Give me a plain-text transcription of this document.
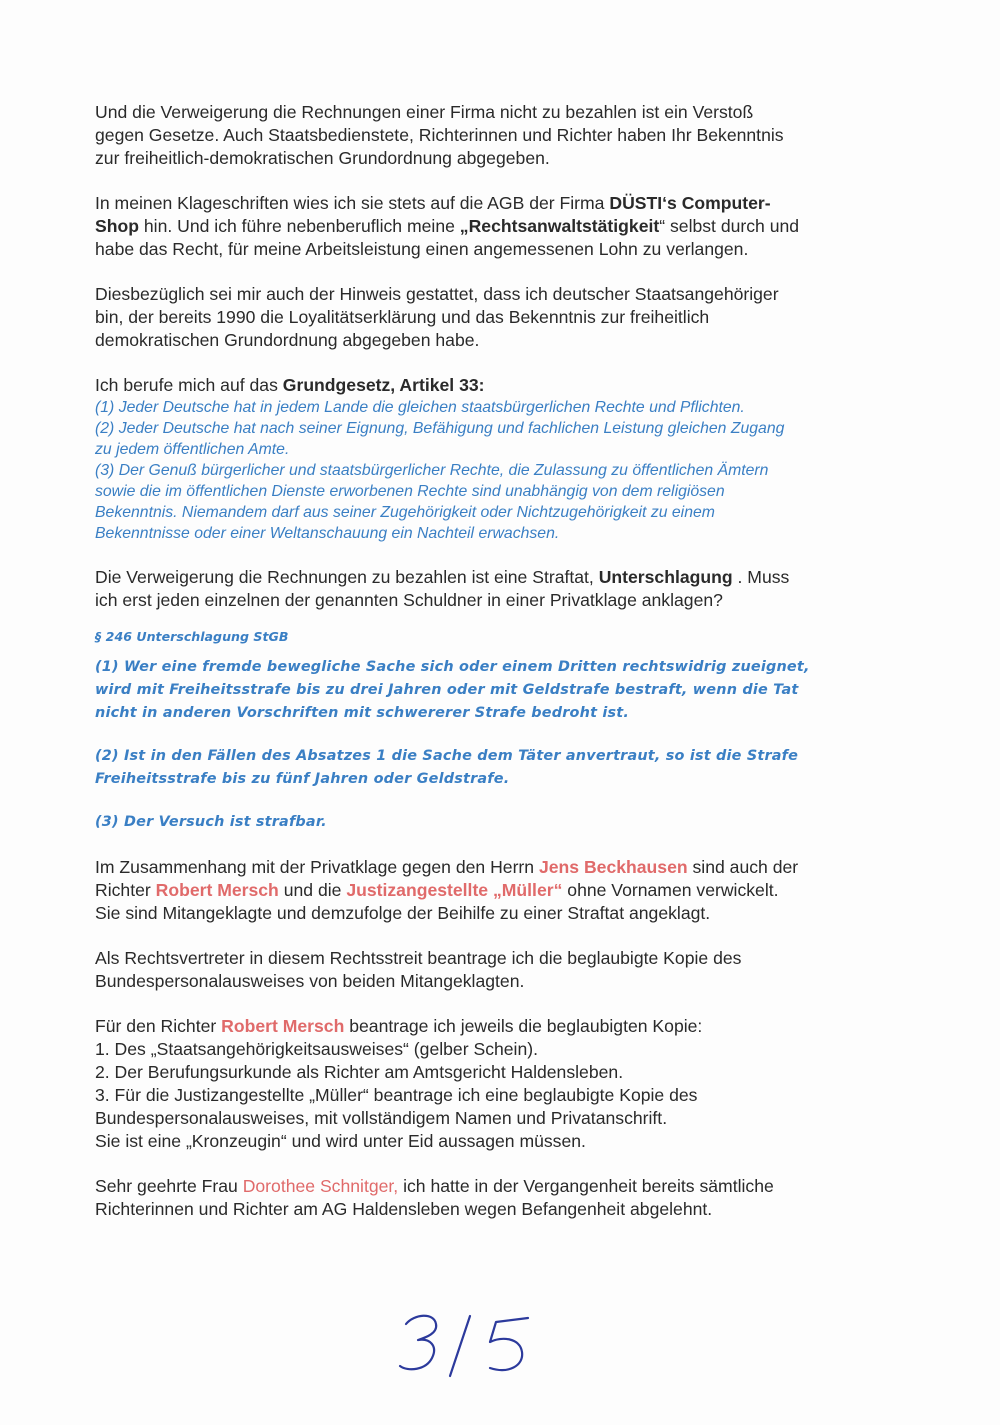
Und die Verweigerung die Rechnungen einer Firma nicht zu bezahlen ist ein Verstoß

gegen Gesetze. Auch Staatsbedienstete, Richterinnen und Richter haben Ihr Bekenntnis

zur freiheitlich-demokratischen Grundordnung abgegeben.

In meinen Klageschriften wies ich sie stets auf die AGB der Firma DÜSTI‘s Computer-

Shop hin. Und ich führe nebenberuflich meine „Rechtsanwaltstätigkeit“ selbst durch und

habe das Recht, für meine Arbeitsleistung einen angemessenen Lohn zu verlangen.

Diesbezüglich sei mir auch der Hinweis gestattet, dass ich deutscher Staatsangehöriger

bin, der bereits 1990 die Loyalitätserklärung und das Bekenntnis zur freiheitlich

demokratischen Grundordnung abgegeben habe.

Ich berufe mich auf das Grundgesetz, Artikel 33:

(1) Jeder Deutsche hat in jedem Lande die gleichen staatsbürgerlichen Rechte und Pflichten.

(2) Jeder Deutsche hat nach seiner Eignung, Befähigung und fachlichen Leistung gleichen Zugang

zu jedem öffentlichen Amte.

(3) Der Genuß bürgerlicher und staatsbürgerlicher Rechte, die Zulassung zu öffentlichen Ämtern

sowie die im öffentlichen Dienste erworbenen Rechte sind unabhängig von dem religiösen

Bekenntnis. Niemandem darf aus seiner Zugehörigkeit oder Nichtzugehörigkeit zu einem

Bekenntnisse oder einer Weltanschauung ein Nachteil erwachsen.

Die Verweigerung die Rechnungen zu bezahlen ist eine Straftat, Unterschlagung . Muss

ich erst jeden einzelnen der genannten Schuldner in einer Privatklage anklagen?

§ 246 Unterschlagung StGB

(1) Wer eine fremde bewegliche Sache sich oder einem Dritten rechtswidrig zueignet,

wird mit Freiheitsstrafe bis zu drei Jahren oder mit Geldstrafe bestraft, wenn die Tat

nicht in anderen Vorschriften mit schwererer Strafe bedroht ist.

(2) Ist in den Fällen des Absatzes 1 die Sache dem Täter anvertraut, so ist die Strafe

Freiheitsstrafe bis zu fünf Jahren oder Geldstrafe.

(3) Der Versuch ist strafbar.

Im Zusammenhang mit der Privatklage gegen den Herrn Jens Beckhausen sind auch der

Richter Robert Mersch und die Justizangestellte „Müller“ ohne Vornamen verwickelt.

Sie sind Mitangeklagte und demzufolge der Beihilfe zu einer Straftat angeklagt.

Als Rechtsvertreter in diesem Rechtsstreit beantrage ich die beglaubigte Kopie des

Bundespersonalausweises von beiden Mitangeklagten.

Für den Richter Robert Mersch beantrage ich jeweils die beglaubigten Kopie:

1. Des „Staatsangehörigkeitsausweises“ (gelber Schein).

2. Der Berufungsurkunde als Richter am Amtsgericht Haldensleben.

3. Für die Justizangestellte „Müller“ beantrage ich eine beglaubigte Kopie des

Bundespersonalausweises, mit vollständigem Namen und Privatanschrift.

Sie ist eine „Kronzeugin“ und wird unter Eid aussagen müssen.

Sehr geehrte Frau Dorothee Schnitger, ich hatte in der Vergangenheit bereits sämtliche

Richterinnen und Richter am AG Haldensleben wegen Befangenheit abgelehnt.
